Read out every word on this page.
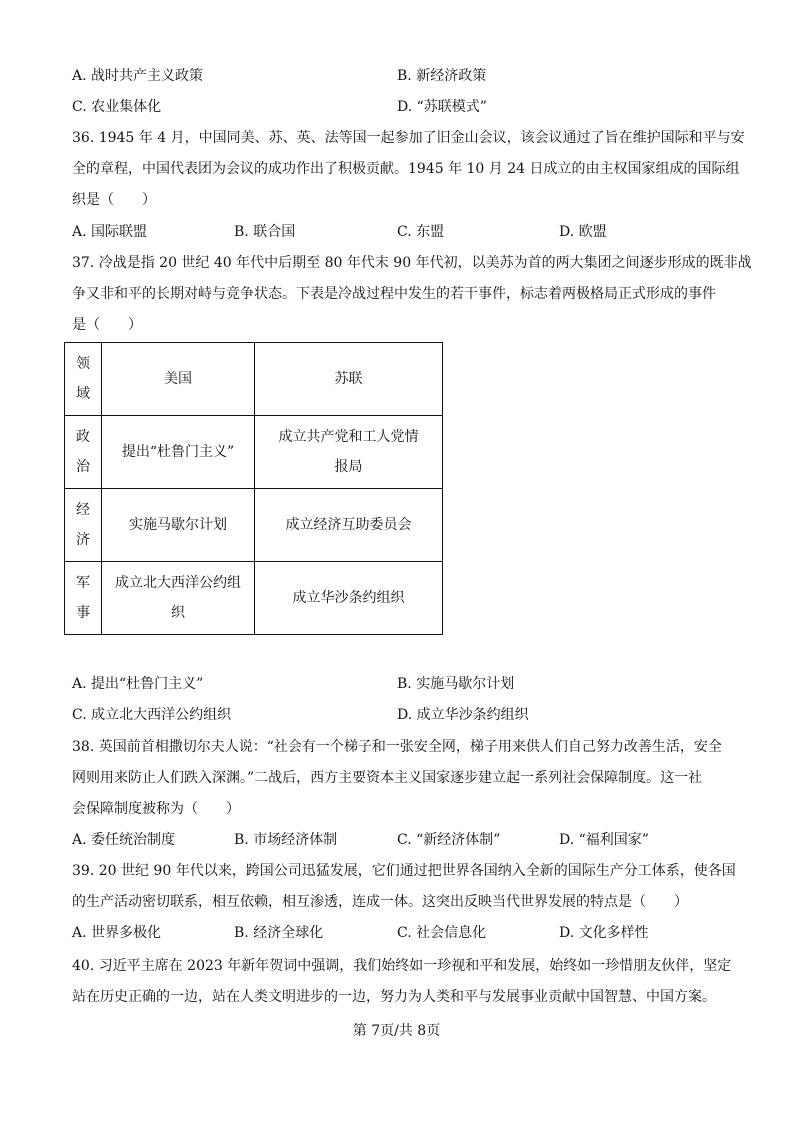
A. 战时共产主义政策	B. 新经济政策
C. 农业集体化	D. “苏联模式”
36. 1945 年 4 月，中国同美、苏、英、法等国一起参加了旧金山会议，该会议通过了旨在维护国际和平与安
全的章程，中国代表团为会议的成功作出了积极贡献。1945 年 10 月 24 日成立的由主权国家组成的国际组
织是（　　）
A. 国际联盟	B. 联合国	C. 东盟	D. 欧盟
37. 冷战是指 20 世纪 40 年代中后期至 80 年代末 90 年代初，以美苏为首的两大集团之间逐步形成的既非战
争又非和平的长期对峙与竞争状态。下表是冷战过程中发生的若干事件，标志着两极格局正式形成的事件
是（　　）
领
域	美国	苏联

政
治	提出“杜鲁门主义”	成立共产党和工人党情报局

经
济	实施马歇尔计划	成立经济互助委员会

军
事	成立北大西洋公约组织	成立华沙条约组织
A. 提出“杜鲁门主义”	B. 实施马歇尔计划
C. 成立北大西洋公约组织	D. 成立华沙条约组织
38. 英国前首相撒切尔夫人说：“社会有一个梯子和一张安全网，梯子用来供人们自己努力改善生活，安全
网则用来防止人们跌入深渊。”二战后，西方主要资本主义国家逐步建立起一系列社会保障制度。这一社
会保障制度被称为（　　）
A. 委任统治制度	B. 市场经济体制	C. “新经济体制”	D. “福利国家”
39. 20 世纪 90 年代以来，跨国公司迅猛发展，它们通过把世界各国纳入全新的国际生产分工体系，使各国
的生产活动密切联系，相互依赖，相互渗透，连成一体。这突出反映当代世界发展的特点是（　　）
A. 世界多极化	B. 经济全球化	C. 社会信息化	D. 文化多样性
40. 习近平主席在 2023 年新年贺词中强调，我们始终如一珍视和平和发展，始终如一珍惜朋友伙伴，坚定
站在历史正确的一边，站在人类文明进步的一边，努力为人类和平与发展事业贡献中国智慧、中国方案。
第 7页/共 8页
